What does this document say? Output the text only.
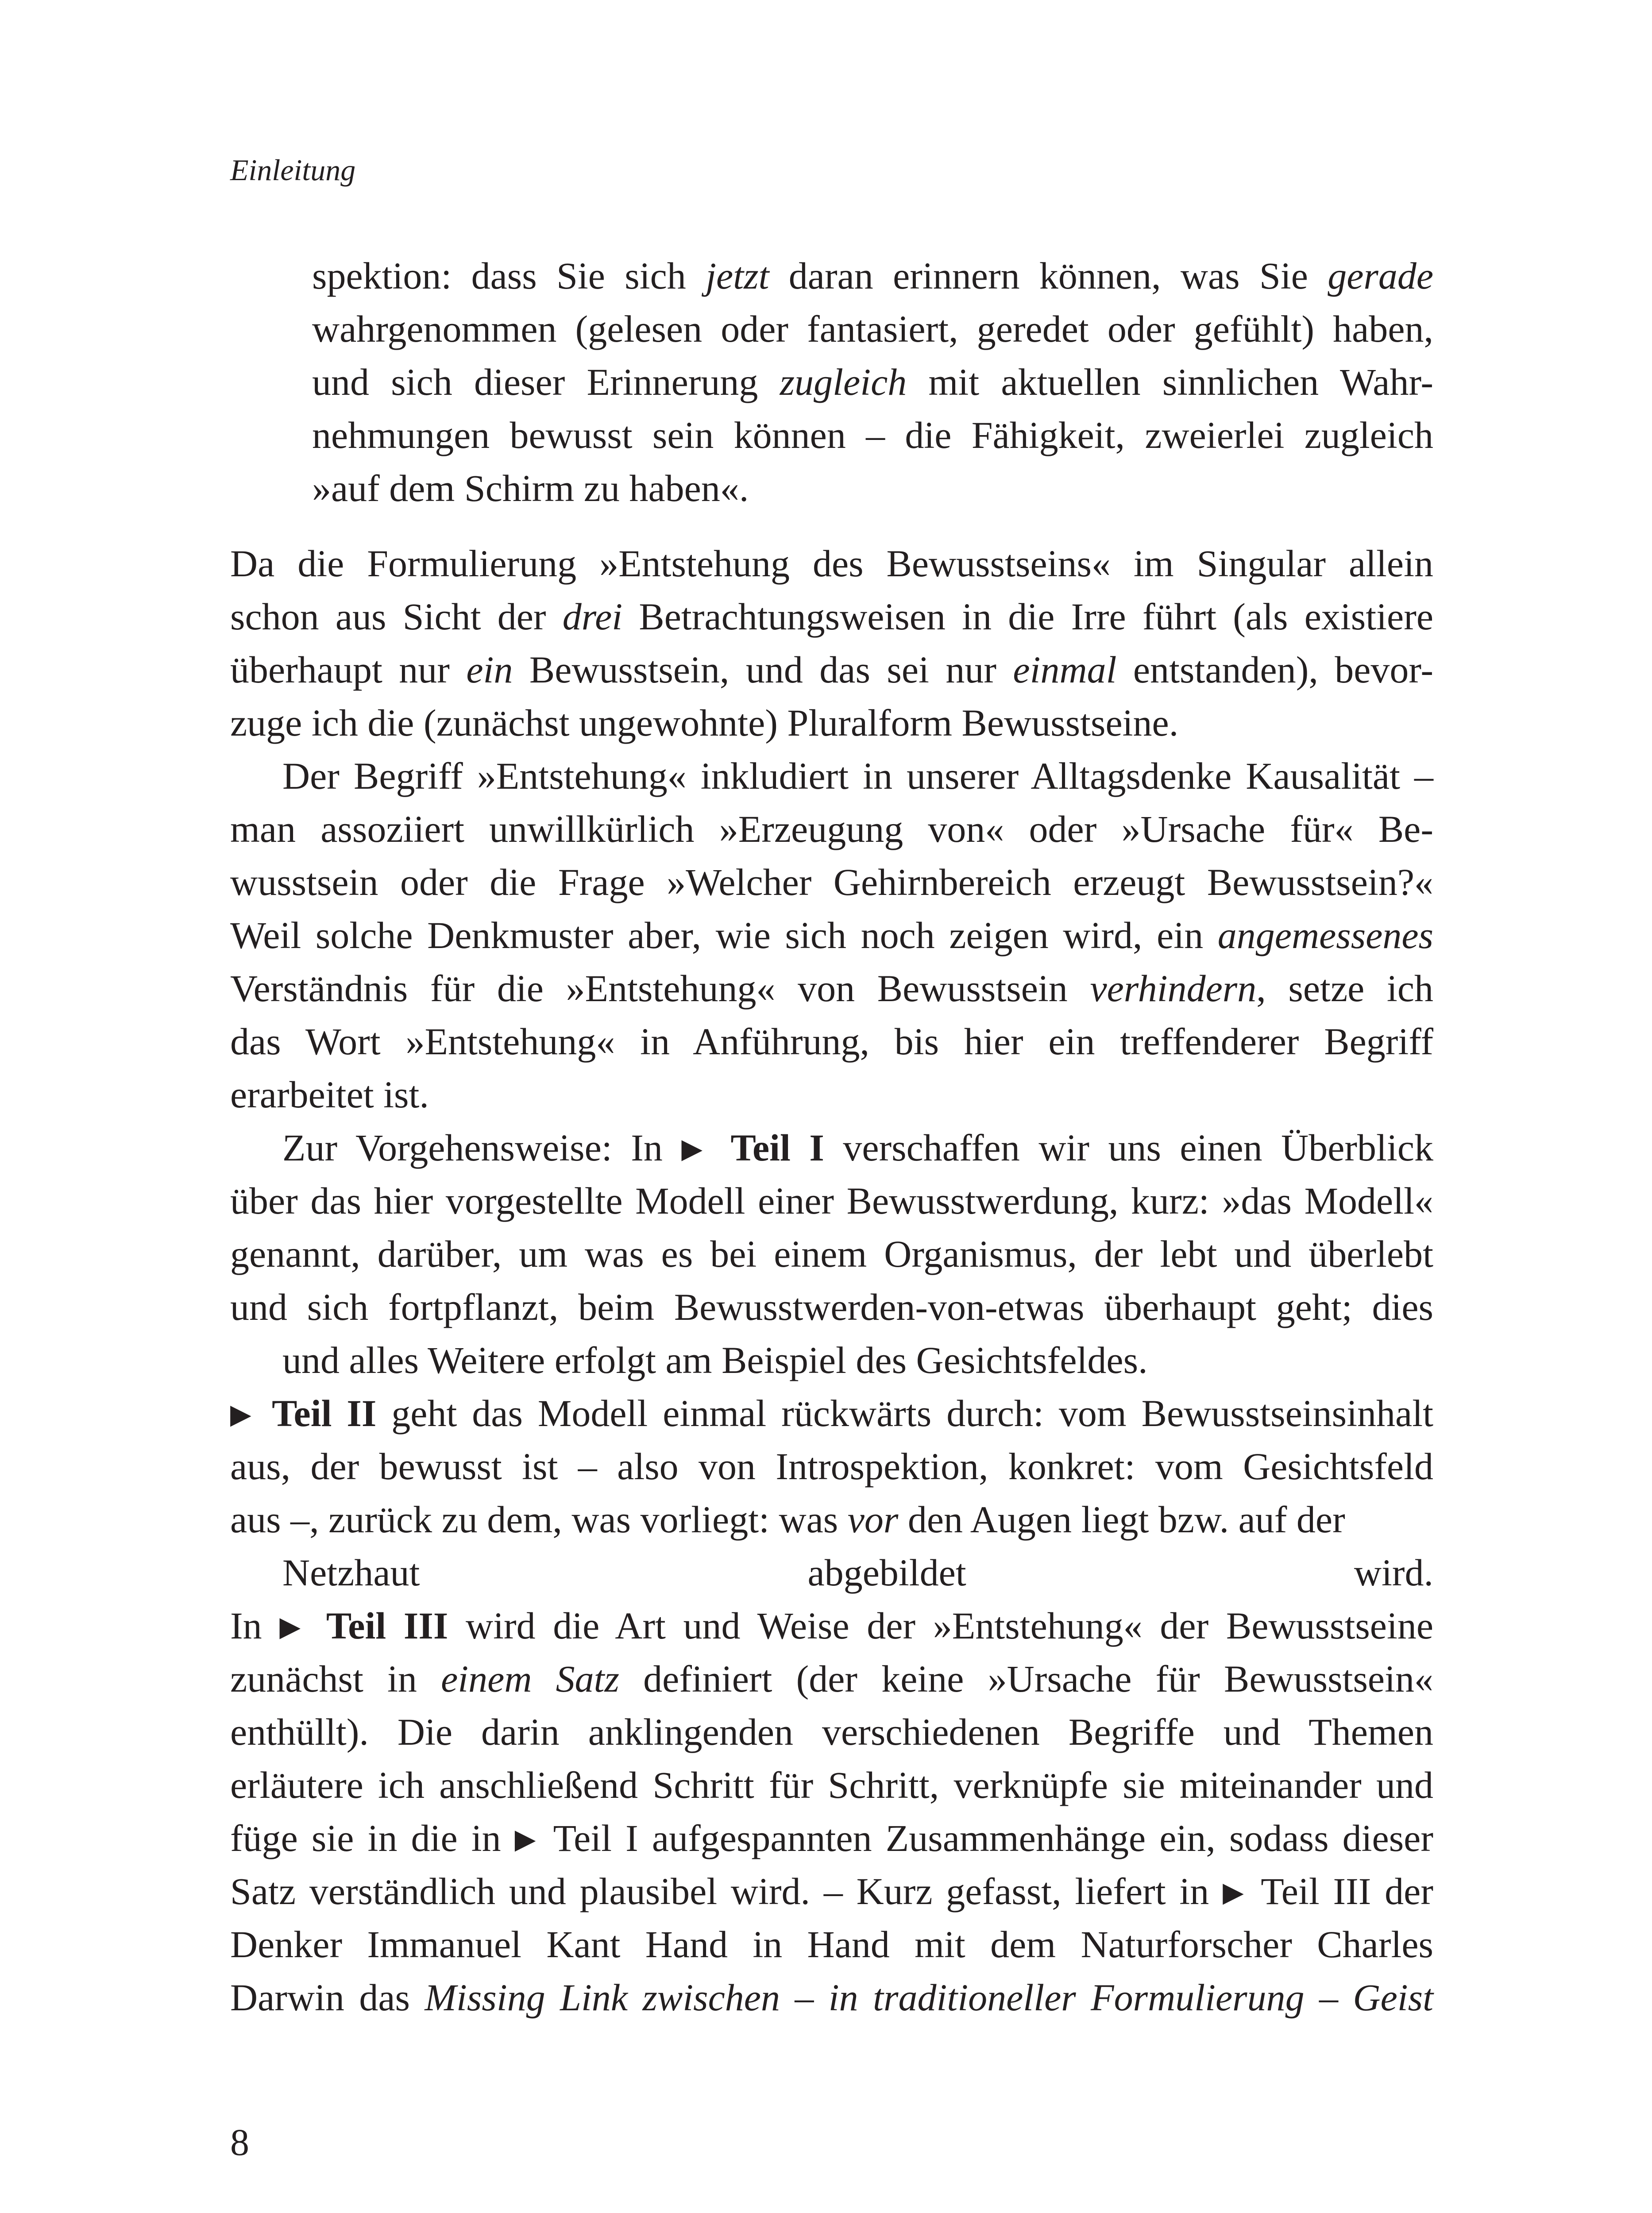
Einleitung
spektion: dass Sie sich jetzt daran erinnern können, was Sie gerade
wahrgenommen (gelesen oder fantasiert, geredet oder gefühlt) haben,
und sich dieser Erinnerung zugleich mit aktuellen sinnlichen Wahr-
nehmungen bewusst sein können – die Fähigkeit, zweierlei zugleich
»auf dem Schirm zu haben«.
Da die Formulierung »Entstehung des Bewusstseins« im Singular allein
schon aus Sicht der drei Betrachtungsweisen in die Irre führt (als existiere
überhaupt nur ein Bewusstsein, und das sei nur einmal entstanden), bevor-
zuge ich die (zunächst ungewohnte) Pluralform Bewusstseine.
Der Begriff »Entstehung« inkludiert in unserer Alltagsdenke Kausalität –
man assoziiert unwillkürlich »Erzeugung von« oder »Ursache für« Be-
wusstsein oder die Frage »Welcher Gehirnbereich erzeugt Bewusstsein?«
Weil solche Denkmuster aber, wie sich noch zeigen wird, ein angemessenes
Verständnis für die »Entstehung« von Bewusstsein verhindern, setze ich
das Wort »Entstehung« in Anführung, bis hier ein treffenderer Begriff
erarbeitet ist.
Zur Vorgehensweise: In ▶ Teil I verschaffen wir uns einen Überblick
über das hier vorgestellte Modell einer Bewusstwerdung, kurz: »das Modell«
genannt, darüber, um was es bei einem Organismus, der lebt und überlebt
und sich fortpflanzt, beim Bewusstwerden-von-etwas überhaupt geht; dies
und alles Weitere erfolgt am Beispiel des Gesichtsfeldes.
▶ Teil II geht das Modell einmal rückwärts durch: vom Bewusstseinsinhalt
aus, der bewusst ist – also von Introspektion, konkret: vom Gesichtsfeld
aus –, zurück zu dem, was vorliegt: was vor den Augen liegt bzw. auf der
Netzhaut abgebildet wird.
In ▶ Teil III wird die Art und Weise der »Entstehung« der Bewusstseine
zunächst in einem Satz definiert (der keine »Ursache für Bewusstsein«
enthüllt). Die darin anklingenden verschiedenen Begriffe und Themen
erläutere ich anschließend Schritt für Schritt, verknüpfe sie miteinander und
füge sie in die in ▶ Teil I aufgespannten Zusammenhänge ein, sodass dieser
Satz verständlich und plausibel wird. – Kurz gefasst, liefert in ▶ Teil III der
Denker Immanuel Kant Hand in Hand mit dem Naturforscher Charles
Darwin das Missing Link zwischen – in traditioneller Formulierung – Geist
8
